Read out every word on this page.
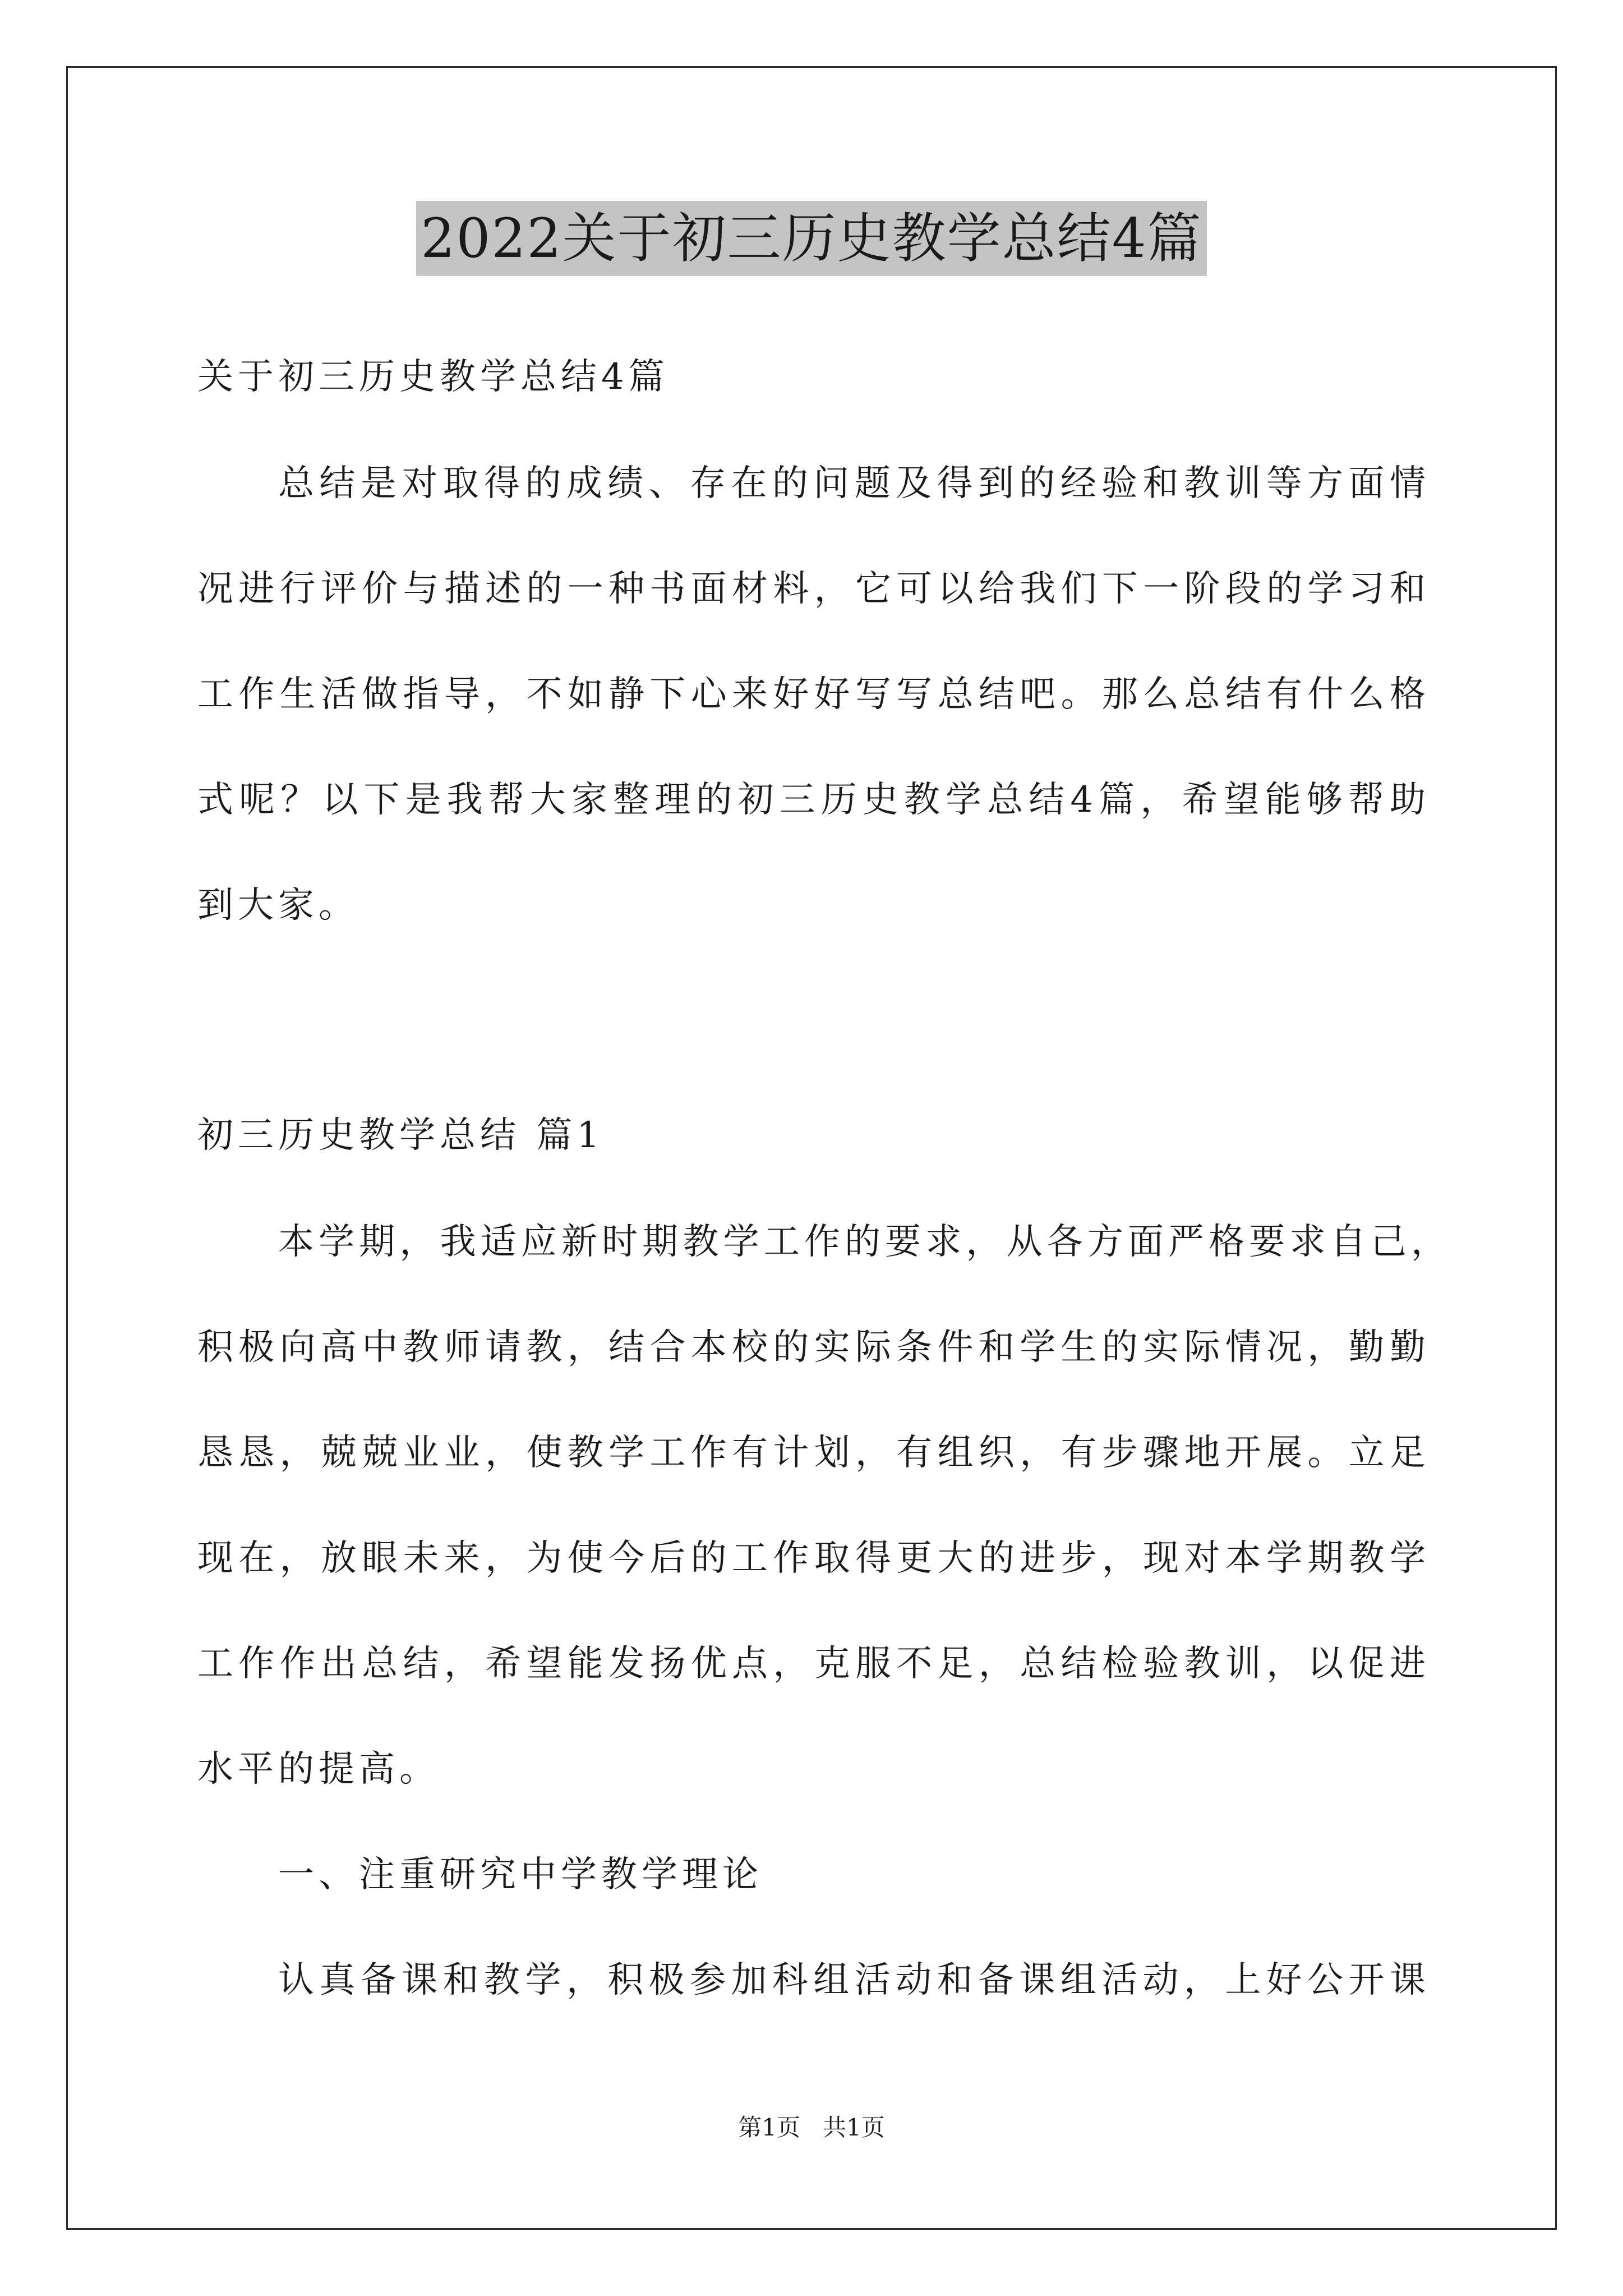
2022关于初三历史教学总结4篇
关于初三历史教学总结4篇
总结是对取得的成绩、存在的问题及得到的经验和教训等方面情
况进行评价与描述的一种书面材料，它可以给我们下一阶段的学习和
工作生活做指导，不如静下心来好好写写总结吧。那么总结有什么格
式呢？以下是我帮大家整理的初三历史教学总结4篇，希望能够帮助
到大家。
初三历史教学总结 篇1
本学期，我适应新时期教学工作的要求，从各方面严格要求自己，
积极向高中教师请教，结合本校的实际条件和学生的实际情况，勤勤
恳恳，兢兢业业，使教学工作有计划，有组织，有步骤地开展。立足
现在，放眼未来，为使今后的工作取得更大的进步，现对本学期教学
工作作出总结，希望能发扬优点，克服不足，总结检验教训，以促进
水平的提高。
一、注重研究中学教学理论
认真备课和教学，积极参加科组活动和备课组活动，上好公开课
第1页   共1页
